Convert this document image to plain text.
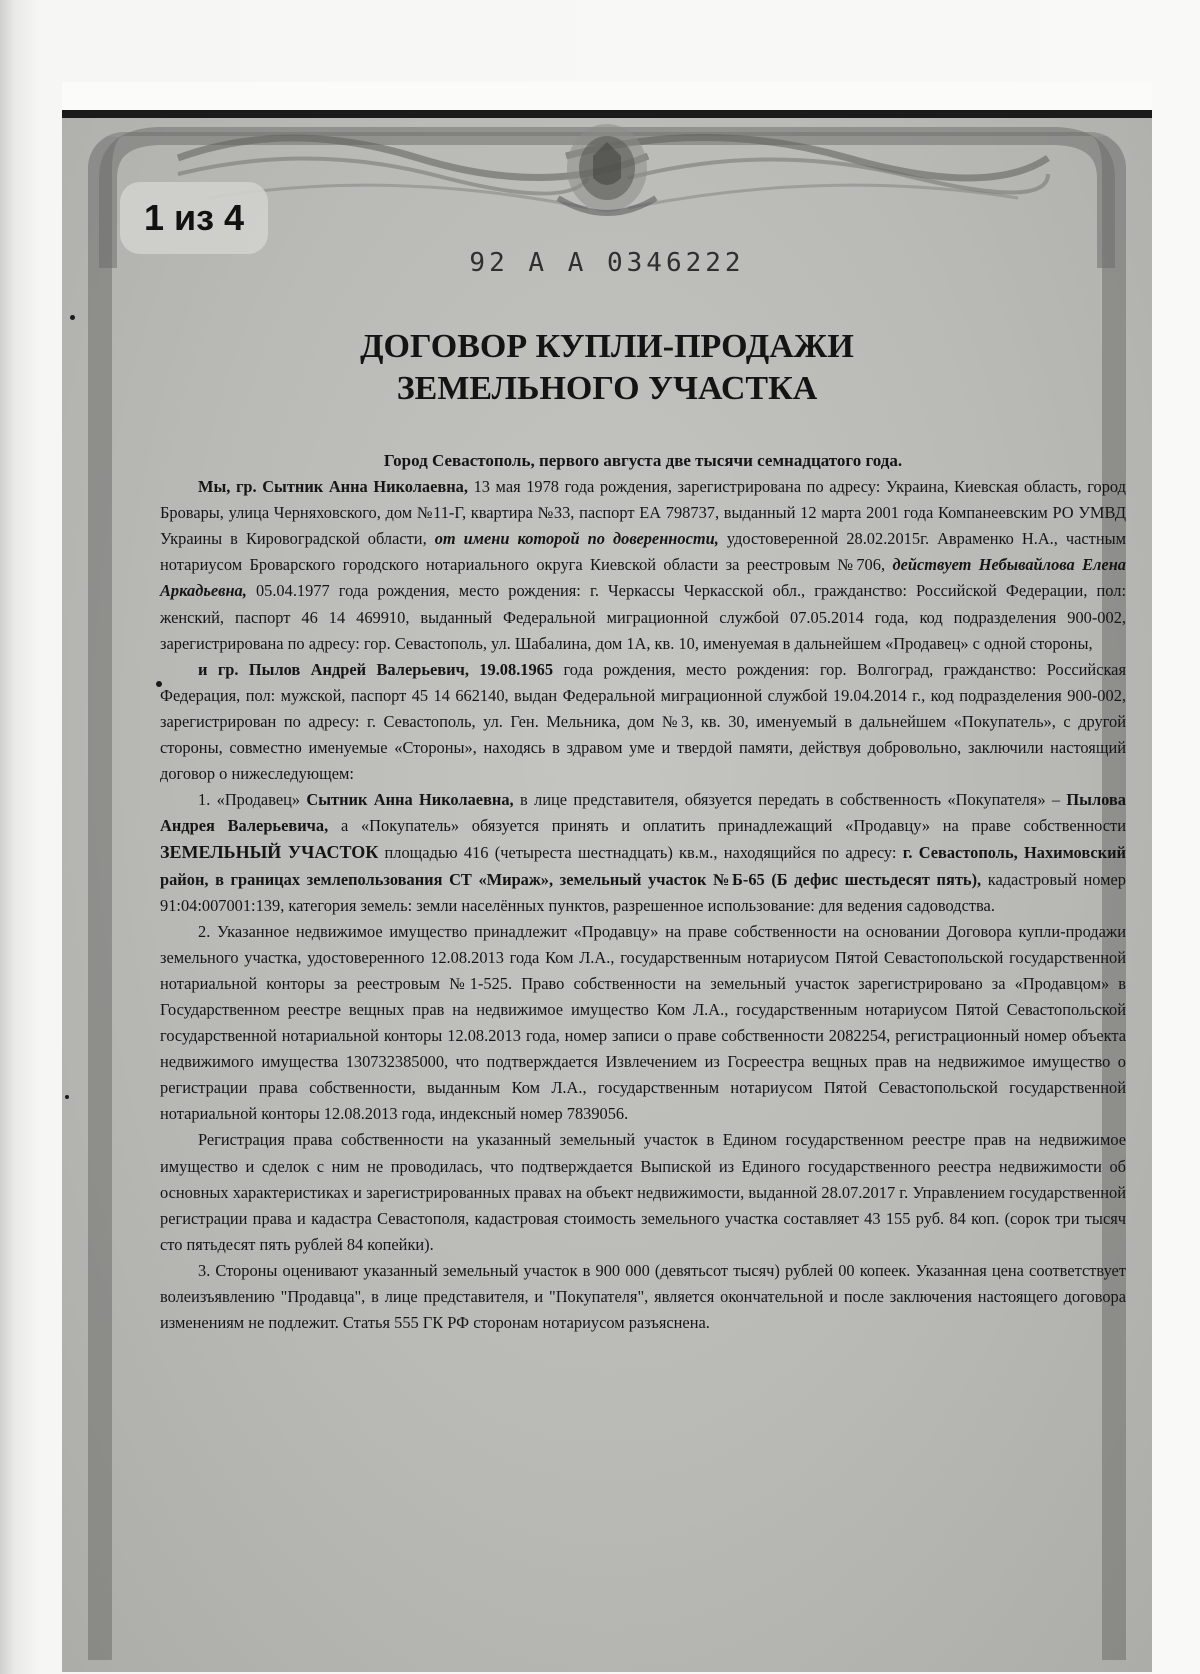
1 из 4
92 А А 0346222
ДОГОВОР КУПЛИ-ПРОДАЖИ
ЗЕМЕЛЬНОГО УЧАСТКА

Город Севастополь, первого августа две тысячи семнадцатого года.

Мы, гр. Сытник Анна Николаевна, 13 мая 1978 года рождения, зарегистрирована по адресу: Украина, Киевская область, город Бровары, улица Черняховского, дом №11-Г, квартира №33, паспорт ЕА 798737, выданный 12 марта 2001 года Компанеевским РО УМВД Украины в Кировоградской области, от имени которой по доверенности, удостоверенной 28.02.2015г. Авраменко Н.А., частным нотариусом Броварского городского нотариального округа Киевской области за реестровым №706, действует Небывайлова Елена Аркадьевна, 05.04.1977 года рождения, место рождения: г. Черкассы Черкасской обл., гражданство: Российской Федерации, пол: женский, паспорт 46 14 469910, выданный Федеральной миграционной службой 07.05.2014 года, код подразделения 900-002, зарегистрирована по адресу: гор. Севастополь, ул. Шабалина, дом 1А, кв. 10, именуемая в дальнейшем «Продавец» с одной стороны,

и гр. Пылов Андрей Валерьевич, 19.08.1965 года рождения, место рождения: гор. Волгоград, гражданство: Российская Федерация, пол: мужской, паспорт 45 14 662140, выдан Федеральной миграционной службой 19.04.2014 г., код подразделения 900-002, зарегистрирован по адресу: г. Севастополь, ул. Ген. Мельника, дом №3, кв. 30, именуемый в дальнейшем «Покупатель», с другой стороны, совместно именуемые «Стороны», находясь в здравом уме и твердой памяти, действуя добровольно, заключили настоящий договор о нижеследующем:

1. «Продавец» Сытник Анна Николаевна, в лице представителя, обязуется передать в собственность «Покупателя» – Пылова Андрея Валерьевича, а «Покупатель» обязуется принять и оплатить принадлежащий «Продавцу» на праве собственности ЗЕМЕЛЬНЫЙ УЧАСТОК площадью 416 (четыреста шестнадцать) кв.м., находящийся по адресу: г. Севастополь, Нахимовский район, в границах землепользования СТ «Мираж», земельный участок №Б-65 (Б дефис шестьдесят пять), кадастровый номер 91:04:007001:139, категория земель: земли населённых пунктов, разрешенное использование: для ведения садоводства.

2. Указанное недвижимое имущество принадлежит «Продавцу» на праве собственности на основании Договора купли-продажи земельного участка, удостоверенного 12.08.2013 года Ком Л.А., государственным нотариусом Пятой Севастопольской государственной нотариальной конторы за реестровым №1-525. Право собственности на земельный участок зарегистрировано за «Продавцом» в Государственном реестре вещных прав на недвижимое имущество Ком Л.А., государственным нотариусом Пятой Севастопольской государственной нотариальной конторы 12.08.2013 года, номер записи о праве собственности 2082254, регистрационный номер объекта недвижимого имущества 130732385000, что подтверждается Извлечением из Госреестра вещных прав на недвижимое имущество о регистрации права собственности, выданным Ком Л.А., государственным нотариусом Пятой Севастопольской государственной нотариальной конторы 12.08.2013 года, индексный номер 7839056.

Регистрация права собственности на указанный земельный участок в Едином государственном реестре прав на недвижимое имущество и сделок с ним не проводилась, что подтверждается Выпиской из Единого государственного реестра недвижимости об основных характеристиках и зарегистрированных правах на объект недвижимости, выданной 28.07.2017 г. Управлением государственной регистрации права и кадастра Севастополя, кадастровая стоимость земельного участка составляет 43 155 руб. 84 коп. (сорок три тысяч сто пятьдесят пять рублей 84 копейки).

3. Стороны оценивают указанный земельный участок в 900 000 (девятьсот тысяч) рублей 00 копеек. Указанная цена соответствует волеизъявлению "Продавца", в лице представителя, и "Покупателя", является окончательной и после заключения настоящего договора изменениям не подлежит. Статья 555 ГК РФ сторонам нотариусом разъяснена.
